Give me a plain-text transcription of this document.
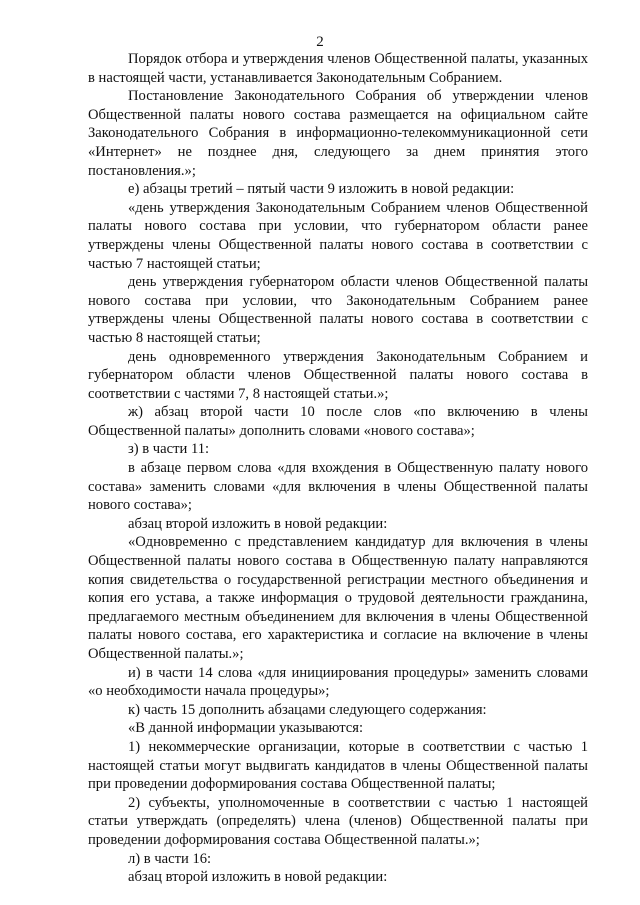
2

Порядок отбора и утверждения членов Общественной палаты, указанных в настоящей части, устанавливается Законодательным Собранием.

Постановление Законодательного Собрания об утверждении членов Общественной палаты нового состава размещается на официальном сайте Законодательного Собрания в информационно-телекоммуникационной сети «Интернет» не позднее дня, следующего за днем принятия этого постановления.»;

е) абзацы третий – пятый части 9 изложить в новой редакции:

«день утверждения Законодательным Собранием членов Общественной палаты нового состава при условии, что губернатором области ранее утверждены члены Общественной палаты нового состава в соответствии с частью 7 настоящей статьи;

день утверждения губернатором области членов Общественной палаты нового состава при условии, что Законодательным Собранием ранее утверждены члены Общественной палаты нового состава в соответствии с частью 8 настоящей статьи;

день одновременного утверждения Законодательным Собранием и губернатором области членов Общественной палаты нового состава в соответствии с частями 7, 8 настоящей статьи.»;

ж) абзац второй части 10 после слов «по включению в члены Общественной палаты» дополнить словами «нового состава»;

з) в части 11:

в абзаце первом слова «для вхождения в Общественную палату нового состава» заменить словами «для включения в члены Общественной палаты нового состава»;

абзац второй изложить в новой редакции:

«Одновременно с представлением кандидатур для включения в члены Общественной палаты нового состава в Общественную палату направляются копия свидетельства о государственной регистрации местного объединения и копия его устава, а также информация о трудовой деятельности гражданина, предлагаемого местным объединением для включения в члены Общественной палаты нового состава, его характеристика и согласие на включение в члены Общественной палаты.»;

и) в части 14 слова «для инициирования процедуры» заменить словами «о необходимости начала процедуры»;

к) часть 15 дополнить абзацами следующего содержания:

«В данной информации указываются:

1) некоммерческие организации, которые в соответствии с частью 1 настоящей статьи могут выдвигать кандидатов в члены Общественной палаты при проведении доформирования состава Общественной палаты;

2) субъекты, уполномоченные в соответствии с частью 1 настоящей статьи утверждать (определять) члена (членов) Общественной палаты при проведении доформирования состава Общественной палаты.»;

л) в части 16:

абзац второй изложить в новой редакции:
